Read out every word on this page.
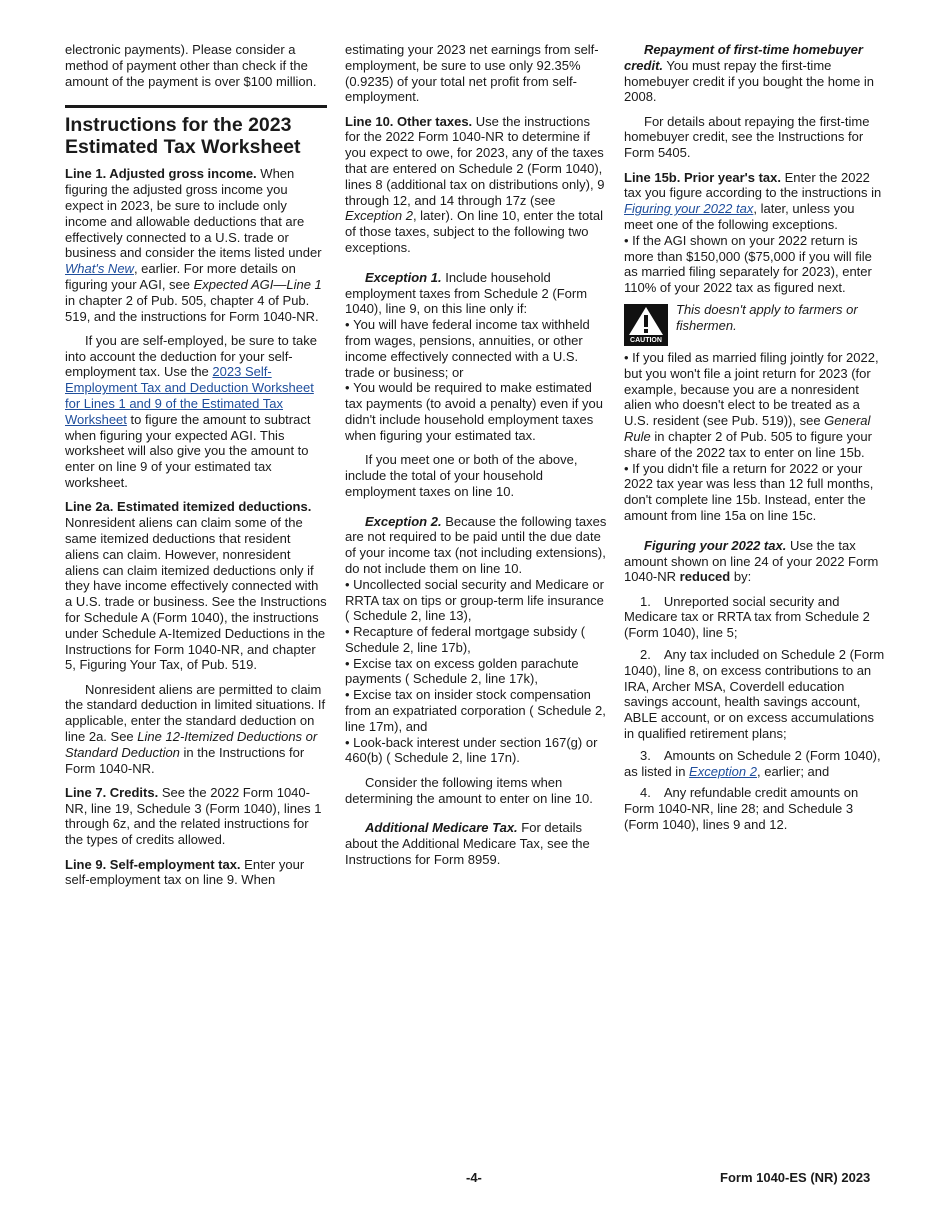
electronic payments). Please consider a method of payment other than check if the amount of the payment is over $100 million.

Instructions for the 2023 Estimated Tax Worksheet

Line 1. Adjusted gross income. When figuring the adjusted gross income you expect in 2023, be sure to include only income and allowable deductions that are effectively connected to a U.S. trade or business and consider the items listed under What's New, earlier. For more details on figuring your AGI, see Expected AGI—Line 1 in chapter 2 of Pub. 505, chapter 4 of Pub. 519, and the instructions for Form 1040-NR.

If you are self-employed, be sure to take into account the deduction for your self-employment tax. Use the 2023 Self-Employment Tax and Deduction Worksheet for Lines 1 and 9 of the Estimated Tax Worksheet to figure the amount to subtract when figuring your expected AGI. This worksheet will also give you the amount to enter on line 9 of your estimated tax worksheet.

Line 2a. Estimated itemized deductions. Nonresident aliens can claim some of the same itemized deductions that resident aliens can claim. However, nonresident aliens can claim itemized deductions only if they have income effectively connected with a U.S. trade or business. See the Instructions for Schedule A (Form 1040), the instructions under Schedule A-Itemized Deductions in the Instructions for Form 1040-NR, and chapter 5, Figuring Your Tax, of Pub. 519.

Nonresident aliens are permitted to claim the standard deduction in limited situations. If applicable, enter the standard deduction on line 2a. See Line 12-Itemized Deductions or Standard Deduction in the Instructions for Form 1040-NR.

Line 7. Credits. See the 2022 Form 1040-NR, line 19, Schedule 3 (Form 1040), lines 1 through 6z, and the related instructions for the types of credits allowed.

Line 9. Self-employment tax. Enter your self-employment tax on line 9. When

estimating your 2023 net earnings from self-employment, be sure to use only 92.35% (0.9235) of your total net profit from self-employment.

Line 10. Other taxes. Use the instructions for the 2022 Form 1040-NR to determine if you expect to owe, for 2023, any of the taxes that are entered on Schedule 2 (Form 1040), lines 8 (additional tax on distributions only), 9 through 12, and 14 through 17z (see Exception 2, later). On line 10, enter the total of those taxes, subject to the following two exceptions.

Exception 1. Include household employment taxes from Schedule 2 (Form 1040), line 9, on this line only if:

• You will have federal income tax withheld from wages, pensions, annuities, or other income effectively connected with a U.S. trade or business; or

• You would be required to make estimated tax payments (to avoid a penalty) even if you didn't include household employment taxes when figuring your estimated tax.

If you meet one or both of the above, include the total of your household employment taxes on line 10.

Exception 2. Because the following taxes are not required to be paid until the due date of your income tax (not including extensions), do not include them on line 10.

• Uncollected social security and Medicare or RRTA tax on tips or group-term life insurance ( Schedule 2, line 13),

• Recapture of federal mortgage subsidy ( Schedule 2, line 17b),

• Excise tax on excess golden parachute payments ( Schedule 2, line 17k),

• Excise tax on insider stock compensation from an expatriated corporation ( Schedule 2, line 17m), and

• Look-back interest under section 167(g) or 460(b) ( Schedule 2, line 17n).

Consider the following items when determining the amount to enter on line 10.

Additional Medicare Tax. For details about the Additional Medicare Tax, see the Instructions for Form 8959.

Repayment of first-time homebuyer credit. You must repay the first-time homebuyer credit if you bought the home in 2008.

For details about repaying the first-time homebuyer credit, see the Instructions for Form 5405.

Line 15b. Prior year's tax. Enter the 2022 tax you figure according to the instructions in Figuring your 2022 tax, later, unless you meet one of the following exceptions.

• If the AGI shown on your 2022 return is more than $150,000 ($75,000 if you will file as married filing separately for 2023), enter 110% of your 2022 tax as figured next.

CAUTION
This doesn't apply to farmers or fishermen.

• If you filed as married filing jointly for 2022, but you won't file a joint return for 2023 (for example, because you are a nonresident alien who doesn't elect to be treated as a U.S. resident (see Pub. 519)), see General Rule in chapter 2 of Pub. 505 to figure your share of the 2022 tax to enter on line 15b.

• If you didn't file a return for 2022 or your 2022 tax year was less than 12 full months, don't complete line 15b. Instead, enter the amount from line 15a on line 15c.

Figuring your 2022 tax. Use the tax amount shown on line 24 of your 2022 Form 1040-NR reduced by:

1. Unreported social security and Medicare tax or RRTA tax from Schedule 2 (Form 1040), line 5;

2. Any tax included on Schedule 2 (Form 1040), line 8, on excess contributions to an IRA, Archer MSA, Coverdell education savings account, health savings account, ABLE account, or on excess accumulations in qualified retirement plans;

3. Amounts on Schedule 2 (Form 1040), as listed in Exception 2, earlier; and

4. Any refundable credit amounts on Form 1040-NR, line 28; and Schedule 3 (Form 1040), lines 9 and 12.

-4-	Form 1040-ES (NR) 2023
